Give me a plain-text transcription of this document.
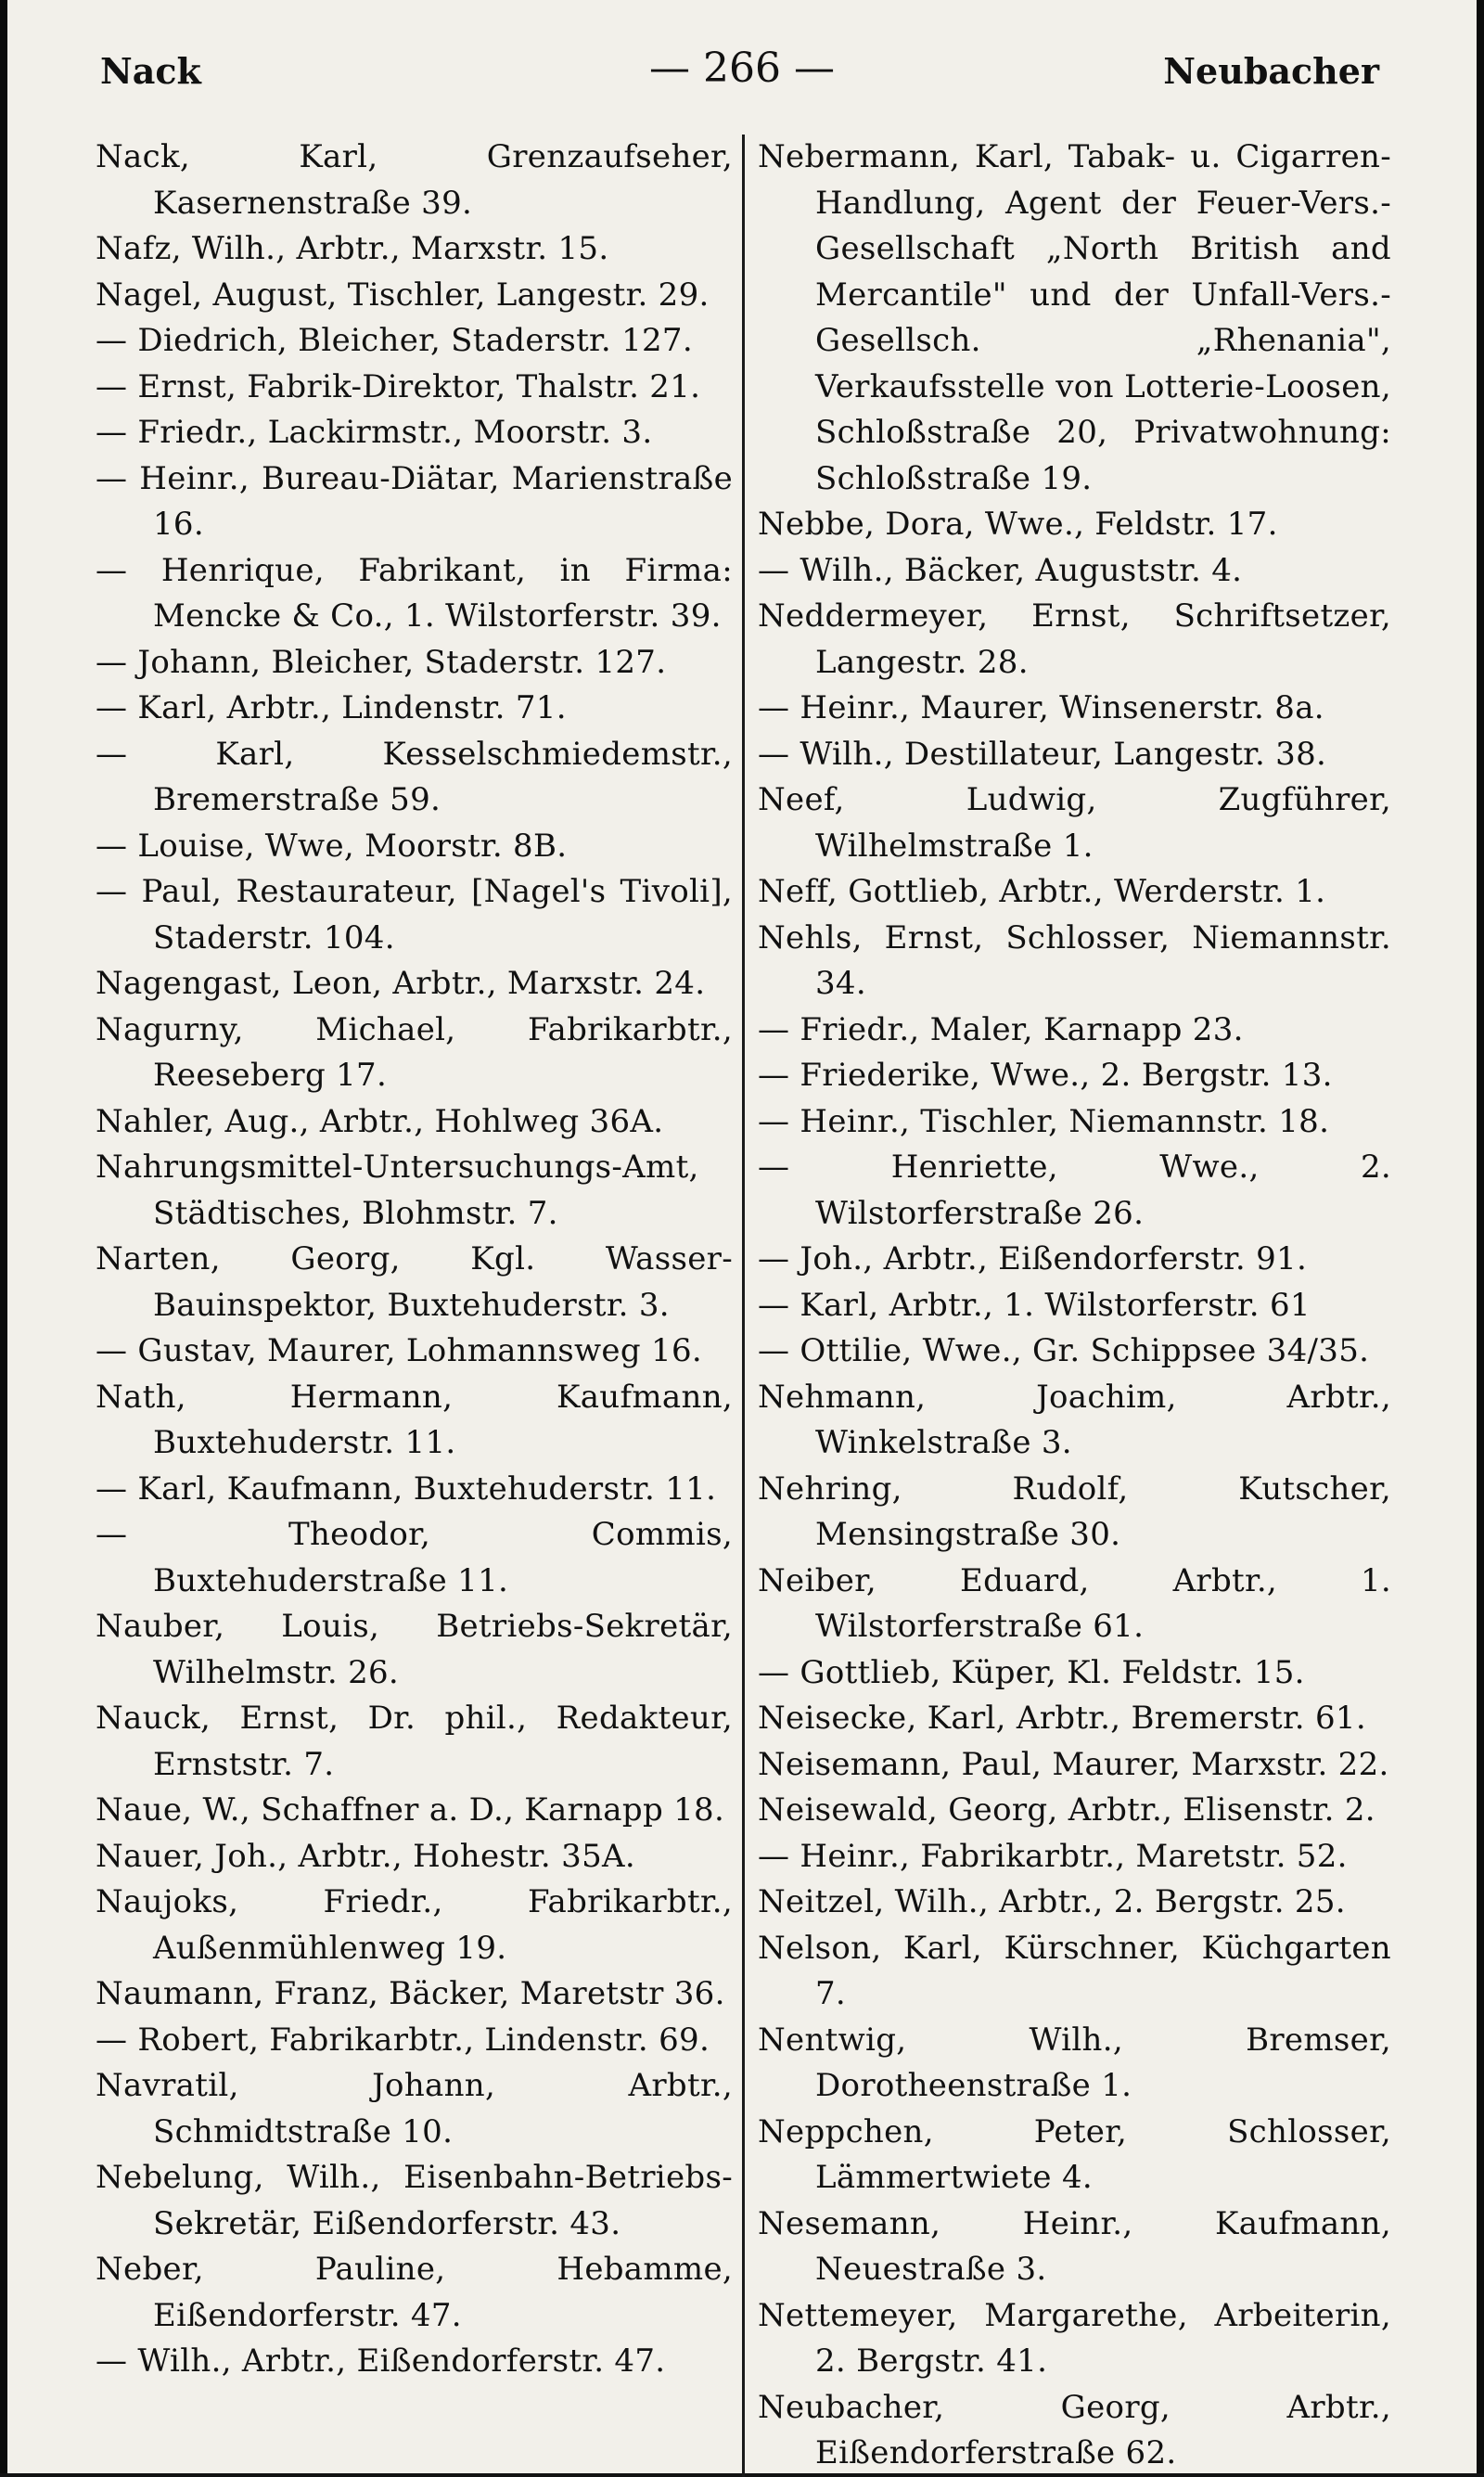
Nack	— 266 —	Neubacher
Nack, Karl, Grenzaufseher, Kasernenstraße 39.
Nafz, Wilh., Arbtr., Marxstr. 15.
Nagel, August, Tischler, Langestr. 29.
— Diedrich, Bleicher, Staderstr. 127.
— Ernst, Fabrik-Direktor, Thalstr. 21.
— Friedr., Lackirmstr., Moorstr. 3.
— Heinr., Bureau-Diätar, Marienstraße 16.
— Henrique, Fabrikant, in Firma: Mencke & Co., 1. Wilstorferstr. 39.
— Johann, Bleicher, Staderstr. 127.
— Karl, Arbtr., Lindenstr. 71.
— Karl, Kesselschmiedemstr., Bremerstraße 59.
— Louise, Wwe, Moorstr. 8B.
— Paul, Restaurateur, [Nagel's Tivoli], Staderstr. 104.
Nagengast, Leon, Arbtr., Marxstr. 24.
Nagurny, Michael, Fabrikarbtr., Reeseberg 17.
Nahler, Aug., Arbtr., Hohlweg 36A.
Nahrungsmittel-Untersuchungs-Amt, Städtisches, Blohmstr. 7.
Narten, Georg, Kgl. Wasser-Bauinspektor, Buxtehuderstr. 3.
— Gustav, Maurer, Lohmannsweg 16.
Nath, Hermann, Kaufmann, Buxtehuderstr. 11.
— Karl, Kaufmann, Buxtehuderstr. 11.
— Theodor, Commis, Buxtehuderstraße 11.
Nauber, Louis, Betriebs-Sekretär, Wilhelmstr. 26.
Nauck, Ernst, Dr. phil., Redakteur, Ernststr. 7.
Naue, W., Schaffner a. D., Karnapp 18.
Nauer, Joh., Arbtr., Hohestr. 35A.
Naujoks, Friedr., Fabrikarbtr., Außenmühlenweg 19.
Naumann, Franz, Bäcker, Maretstr 36.
— Robert, Fabrikarbtr., Lindenstr. 69.
Navratil, Johann, Arbtr., Schmidtstraße 10.
Nebelung, Wilh., Eisenbahn-Betriebs-Sekretär, Eißendorferstr. 43.
Neber, Pauline, Hebamme, Eißendorferstr. 47.
— Wilh., Arbtr., Eißendorferstr. 47.
Nebermann, Karl, Tabak- u. Cigarren-Handlung, Agent der Feuer-Vers.-Gesellschaft „North British and Mercantile" und der Unfall-Vers.-Gesellsch. „Rhenania", Verkaufsstelle von Lotterie-Loosen, Schloßstraße 20, Privatwohnung: Schloßstraße 19.
Nebbe, Dora, Wwe., Feldstr. 17.
— Wilh., Bäcker, Auguststr. 4.
Neddermeyer, Ernst, Schriftsetzer, Langestr. 28.
— Heinr., Maurer, Winsenerstr. 8a.
— Wilh., Destillateur, Langestr. 38.
Neef, Ludwig, Zugführer, Wilhelmstraße 1.
Neff, Gottlieb, Arbtr., Werderstr. 1.
Nehls, Ernst, Schlosser, Niemannstr. 34.
— Friedr., Maler, Karnapp 23.
— Friederike, Wwe., 2. Bergstr. 13.
— Heinr., Tischler, Niemannstr. 18.
— Henriette, Wwe., 2. Wilstorferstraße 26.
— Joh., Arbtr., Eißendorferstr. 91.
— Karl, Arbtr., 1. Wilstorferstr. 61
— Ottilie, Wwe., Gr. Schippsee 34/35.
Nehmann, Joachim, Arbtr., Winkelstraße 3.
Nehring, Rudolf, Kutscher, Mensingstraße 30.
Neiber, Eduard, Arbtr., 1. Wilstorferstraße 61.
— Gottlieb, Küper, Kl. Feldstr. 15.
Neisecke, Karl, Arbtr., Bremerstr. 61.
Neisemann, Paul, Maurer, Marxstr. 22.
Neisewald, Georg, Arbtr., Elisenstr. 2.
— Heinr., Fabrikarbtr., Maretstr. 52.
Neitzel, Wilh., Arbtr., 2. Bergstr. 25.
Nelson, Karl, Kürschner, Küchgarten 7.
Nentwig, Wilh., Bremser, Dorotheenstraße 1.
Neppchen, Peter, Schlosser, Lämmertwiete 4.
Nesemann, Heinr., Kaufmann, Neuestraße 3.
Nettemeyer, Margarethe, Arbeiterin, 2. Bergstr. 41.
Neubacher, Georg, Arbtr., Eißendorferstraße 62.
